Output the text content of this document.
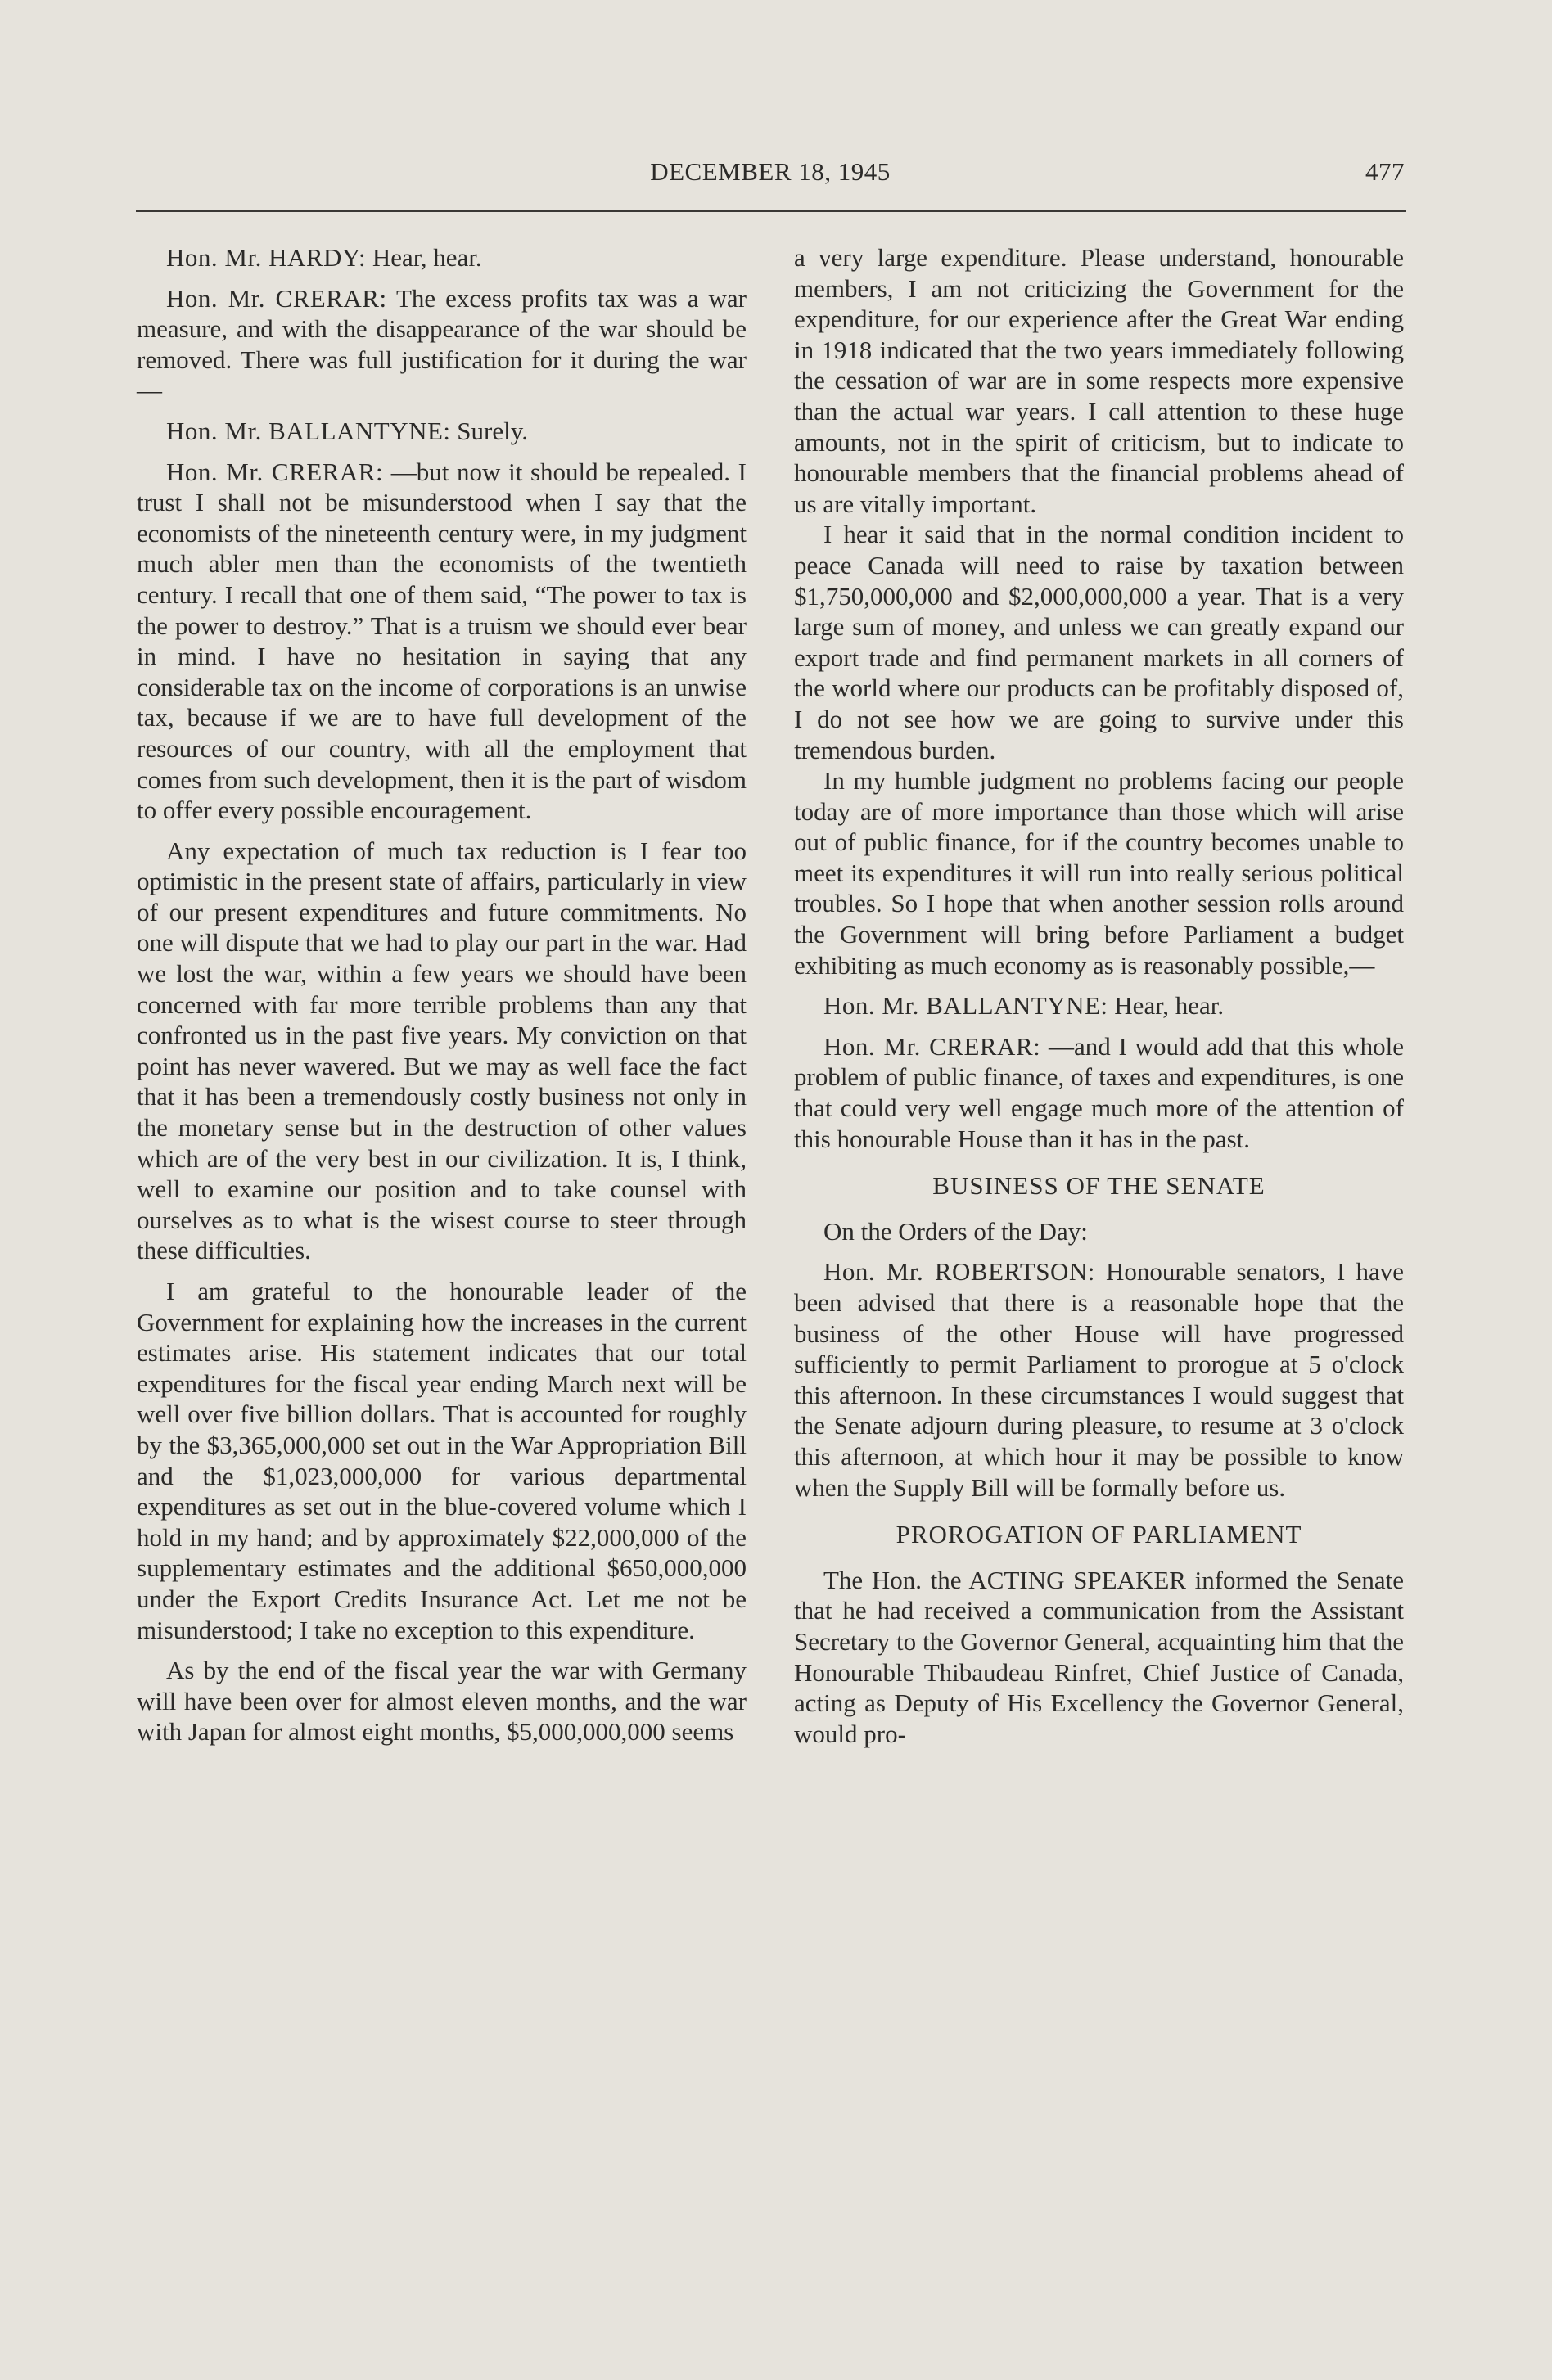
DECEMBER 18, 1945	477

Hon. Mr. HARDY: Hear, hear.

Hon. Mr. CRERAR: The excess profits tax was a war measure, and with the disappearance of the war should be removed. There was full justification for it during the war—

Hon. Mr. BALLANTYNE: Surely.

Hon. Mr. CRERAR: —but now it should be repealed. I trust I shall not be misunderstood when I say that the economists of the nineteenth century were, in my judgment much abler men than the economists of the twentieth century. I recall that one of them said, “The power to tax is the power to destroy.” That is a truism we should ever bear in mind. I have no hesitation in saying that any considerable tax on the income of corporations is an unwise tax, because if we are to have full development of the resources of our country, with all the employment that comes from such development, then it is the part of wisdom to offer every possible encouragement.

Any expectation of much tax reduction is I fear too optimistic in the present state of affairs, particularly in view of our present expenditures and future commitments. No one will dispute that we had to play our part in the war. Had we lost the war, within a few years we should have been concerned with far more terrible problems than any that confronted us in the past five years. My conviction on that point has never wavered. But we may as well face the fact that it has been a tremendously costly business not only in the monetary sense but in the destruction of other values which are of the very best in our civilization. It is, I think, well to examine our position and to take counsel with ourselves as to what is the wisest course to steer through these difficulties.

I am grateful to the honourable leader of the Government for explaining how the increases in the current estimates arise. His statement indicates that our total expenditures for the fiscal year ending March next will be well over five billion dollars. That is accounted for roughly by the $3,365,000,000 set out in the War Appropriation Bill and the $1,023,000,000 for various departmental expenditures as set out in the blue-covered volume which I hold in my hand; and by approximately $22,000,000 of the supplementary estimates and the additional $650,000,000 under the Export Credits Insurance Act. Let me not be misunderstood; I take no exception to this expenditure.

As by the end of the fiscal year the war with Germany will have been over for almost eleven months, and the war with Japan for almost eight months, $5,000,000,000 seems

a very large expenditure. Please understand, honourable members, I am not criticizing the Government for the expenditure, for our experience after the Great War ending in 1918 indicated that the two years immediately following the cessation of war are in some respects more expensive than the actual war years. I call attention to these huge amounts, not in the spirit of criticism, but to indicate to honourable members that the financial problems ahead of us are vitally important.

I hear it said that in the normal condition incident to peace Canada will need to raise by taxation between $1,750,000,000 and $2,000,000,000 a year. That is a very large sum of money, and unless we can greatly expand our export trade and find permanent markets in all corners of the world where our products can be profitably disposed of, I do not see how we are going to survive under this tremendous burden.

In my humble judgment no problems facing our people today are of more importance than those which will arise out of public finance, for if the country becomes unable to meet its expenditures it will run into really serious political troubles. So I hope that when another session rolls around the Government will bring before Parliament a budget exhibiting as much economy as is reasonably possible,—

Hon. Mr. BALLANTYNE: Hear, hear.

Hon. Mr. CRERAR: —and I would add that this whole problem of public finance, of taxes and expenditures, is one that could very well engage much more of the attention of this honourable House than it has in the past.

BUSINESS OF THE SENATE

On the Orders of the Day:

Hon. Mr. ROBERTSON: Honourable senators, I have been advised that there is a reasonable hope that the business of the other House will have progressed sufficiently to permit Parliament to prorogue at 5 o'clock this afternoon. In these circumstances I would suggest that the Senate adjourn during pleasure, to resume at 3 o'clock this afternoon, at which hour it may be possible to know when the Supply Bill will be formally before us.

PROROGATION OF PARLIAMENT

The Hon. the ACTING SPEAKER informed the Senate that he had received a communication from the Assistant Secretary to the Governor General, acquainting him that the Honourable Thibaudeau Rinfret, Chief Justice of Canada, acting as Deputy of His Excellency the Governor General, would pro-
